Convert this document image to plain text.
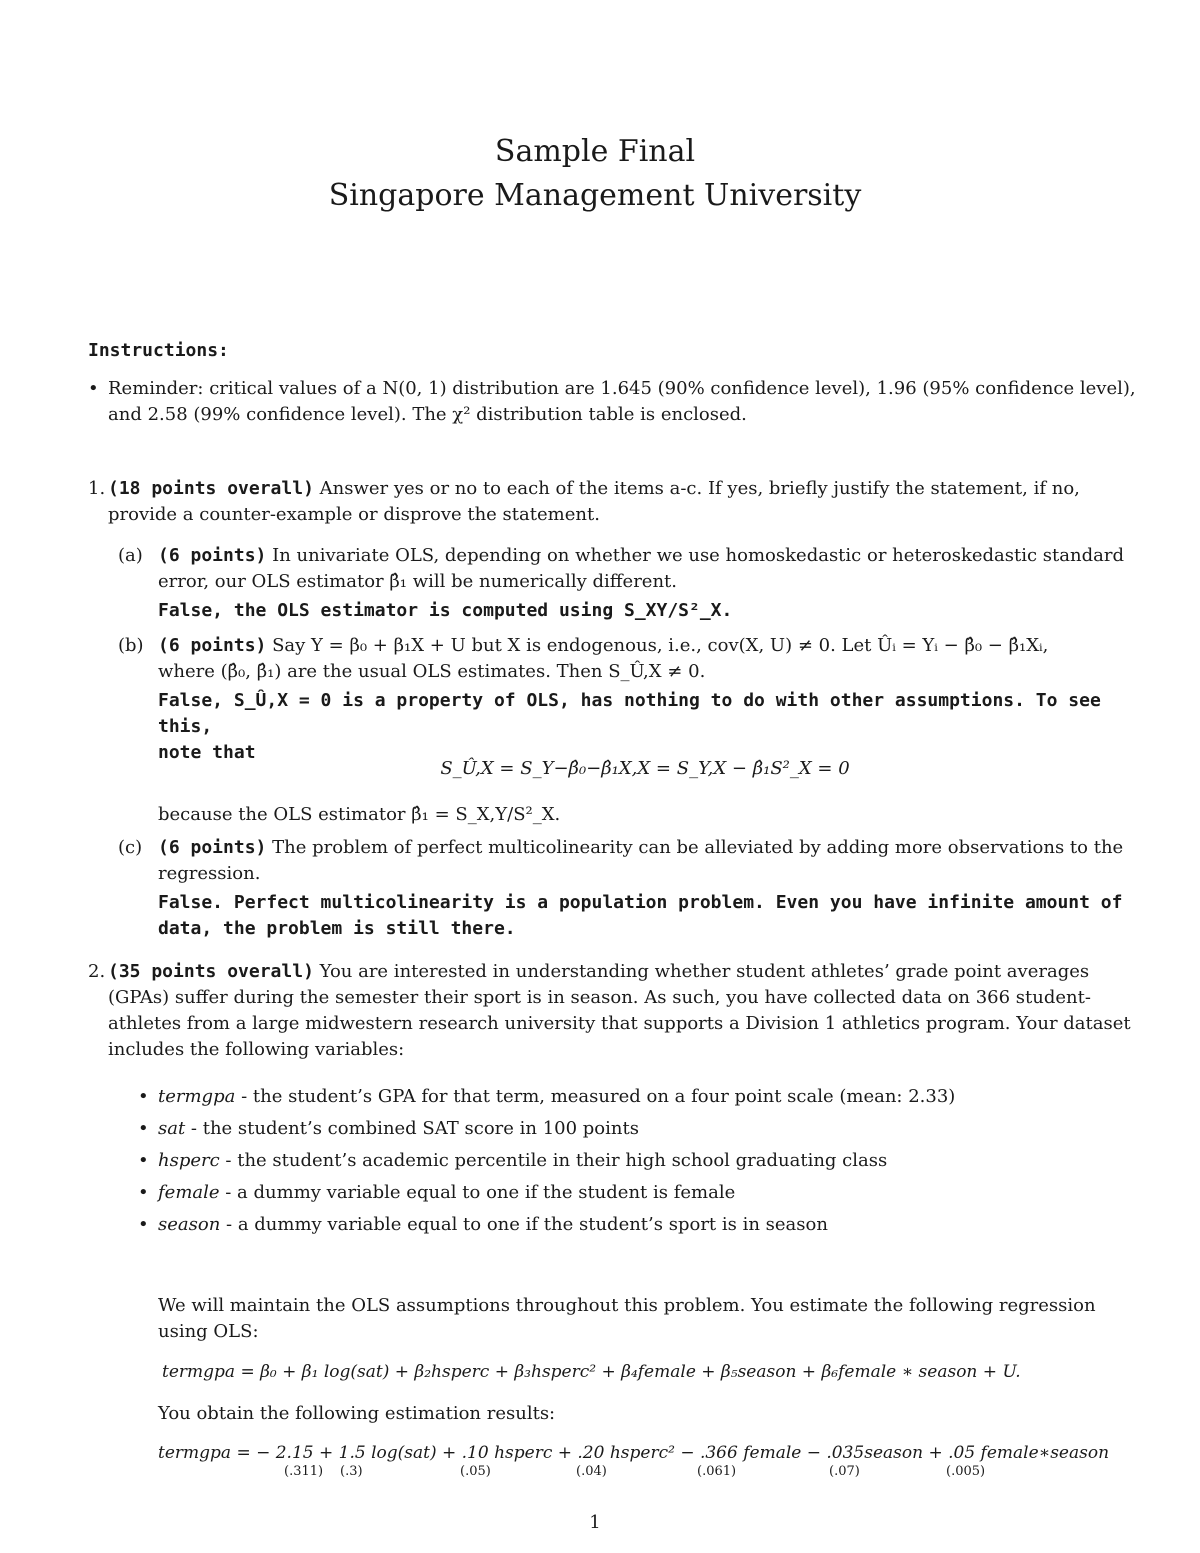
Sample Final
Singapore Management University
Instructions:
• Reminder: critical values of a N(0, 1) distribution are 1.645 (90% confidence level), 1.96 (95% confidence level),
and 2.58 (99% confidence level). The χ² distribution table is enclosed.
1. (18 points overall) Answer yes or no to each of the items a-c. If yes, briefly justify the statement, if no,
provide a counter-example or disprove the statement.
(a) (6 points) In univariate OLS, depending on whether we use homoskedastic or heteroskedastic standard
error, our OLS estimator β̂₁ will be numerically different.
False, the OLS estimator is computed using S_XY/S²_X.
(b) (6 points) Say Y = β₀ + β₁X + U but X is endogenous, i.e., cov(X, U) ≠ 0. Let Ûᵢ = Yᵢ − β̂₀ − β̂₁Xᵢ,
where (β̂₀, β̂₁) are the usual OLS estimates. Then S_Û,X ≠ 0.
False, S_Û,X = 0 is a property of OLS, has nothing to do with other assumptions. To see this,
note that
S_Û,X = S_Y−β̂₀−β̂₁X,X = S_Y,X − β̂₁S²_X = 0
because the OLS estimator β̂₁ = S_X,Y/S²_X.
(c) (6 points) The problem of perfect multicolinearity can be alleviated by adding more observations to the
regression.
False. Perfect multicolinearity is a population problem. Even you have infinite amount of
data, the problem is still there.
2. (35 points overall) You are interested in understanding whether student athletes’ grade point averages
(GPAs) suffer during the semester their sport is in season. As such, you have collected data on 366 student-
athletes from a large midwestern research university that supports a Division 1 athletics program. Your dataset
includes the following variables:
• termgpa - the student’s GPA for that term, measured on a four point scale (mean: 2.33)
• sat - the student’s combined SAT score in 100 points
• hsperc - the student’s academic percentile in their high school graduating class
• female - a dummy variable equal to one if the student is female
• season - a dummy variable equal to one if the student’s sport is in season
We will maintain the OLS assumptions throughout this problem. You estimate the following regression
using OLS:
termgpa = β₀ + β₁ log(sat) + β₂hsperc + β₃hsperc² + β₄female + β₅season + β₆female ∗ season + U.
You obtain the following estimation results:
termgpa = − 2.15 + 1.5 log(sat) + .10 hsperc + .20 hsperc² − .366 female − .035season + .05 female∗season
(.311) (.3)	(.05)	(.04)	(.061)	(.07)	(.005)
1
